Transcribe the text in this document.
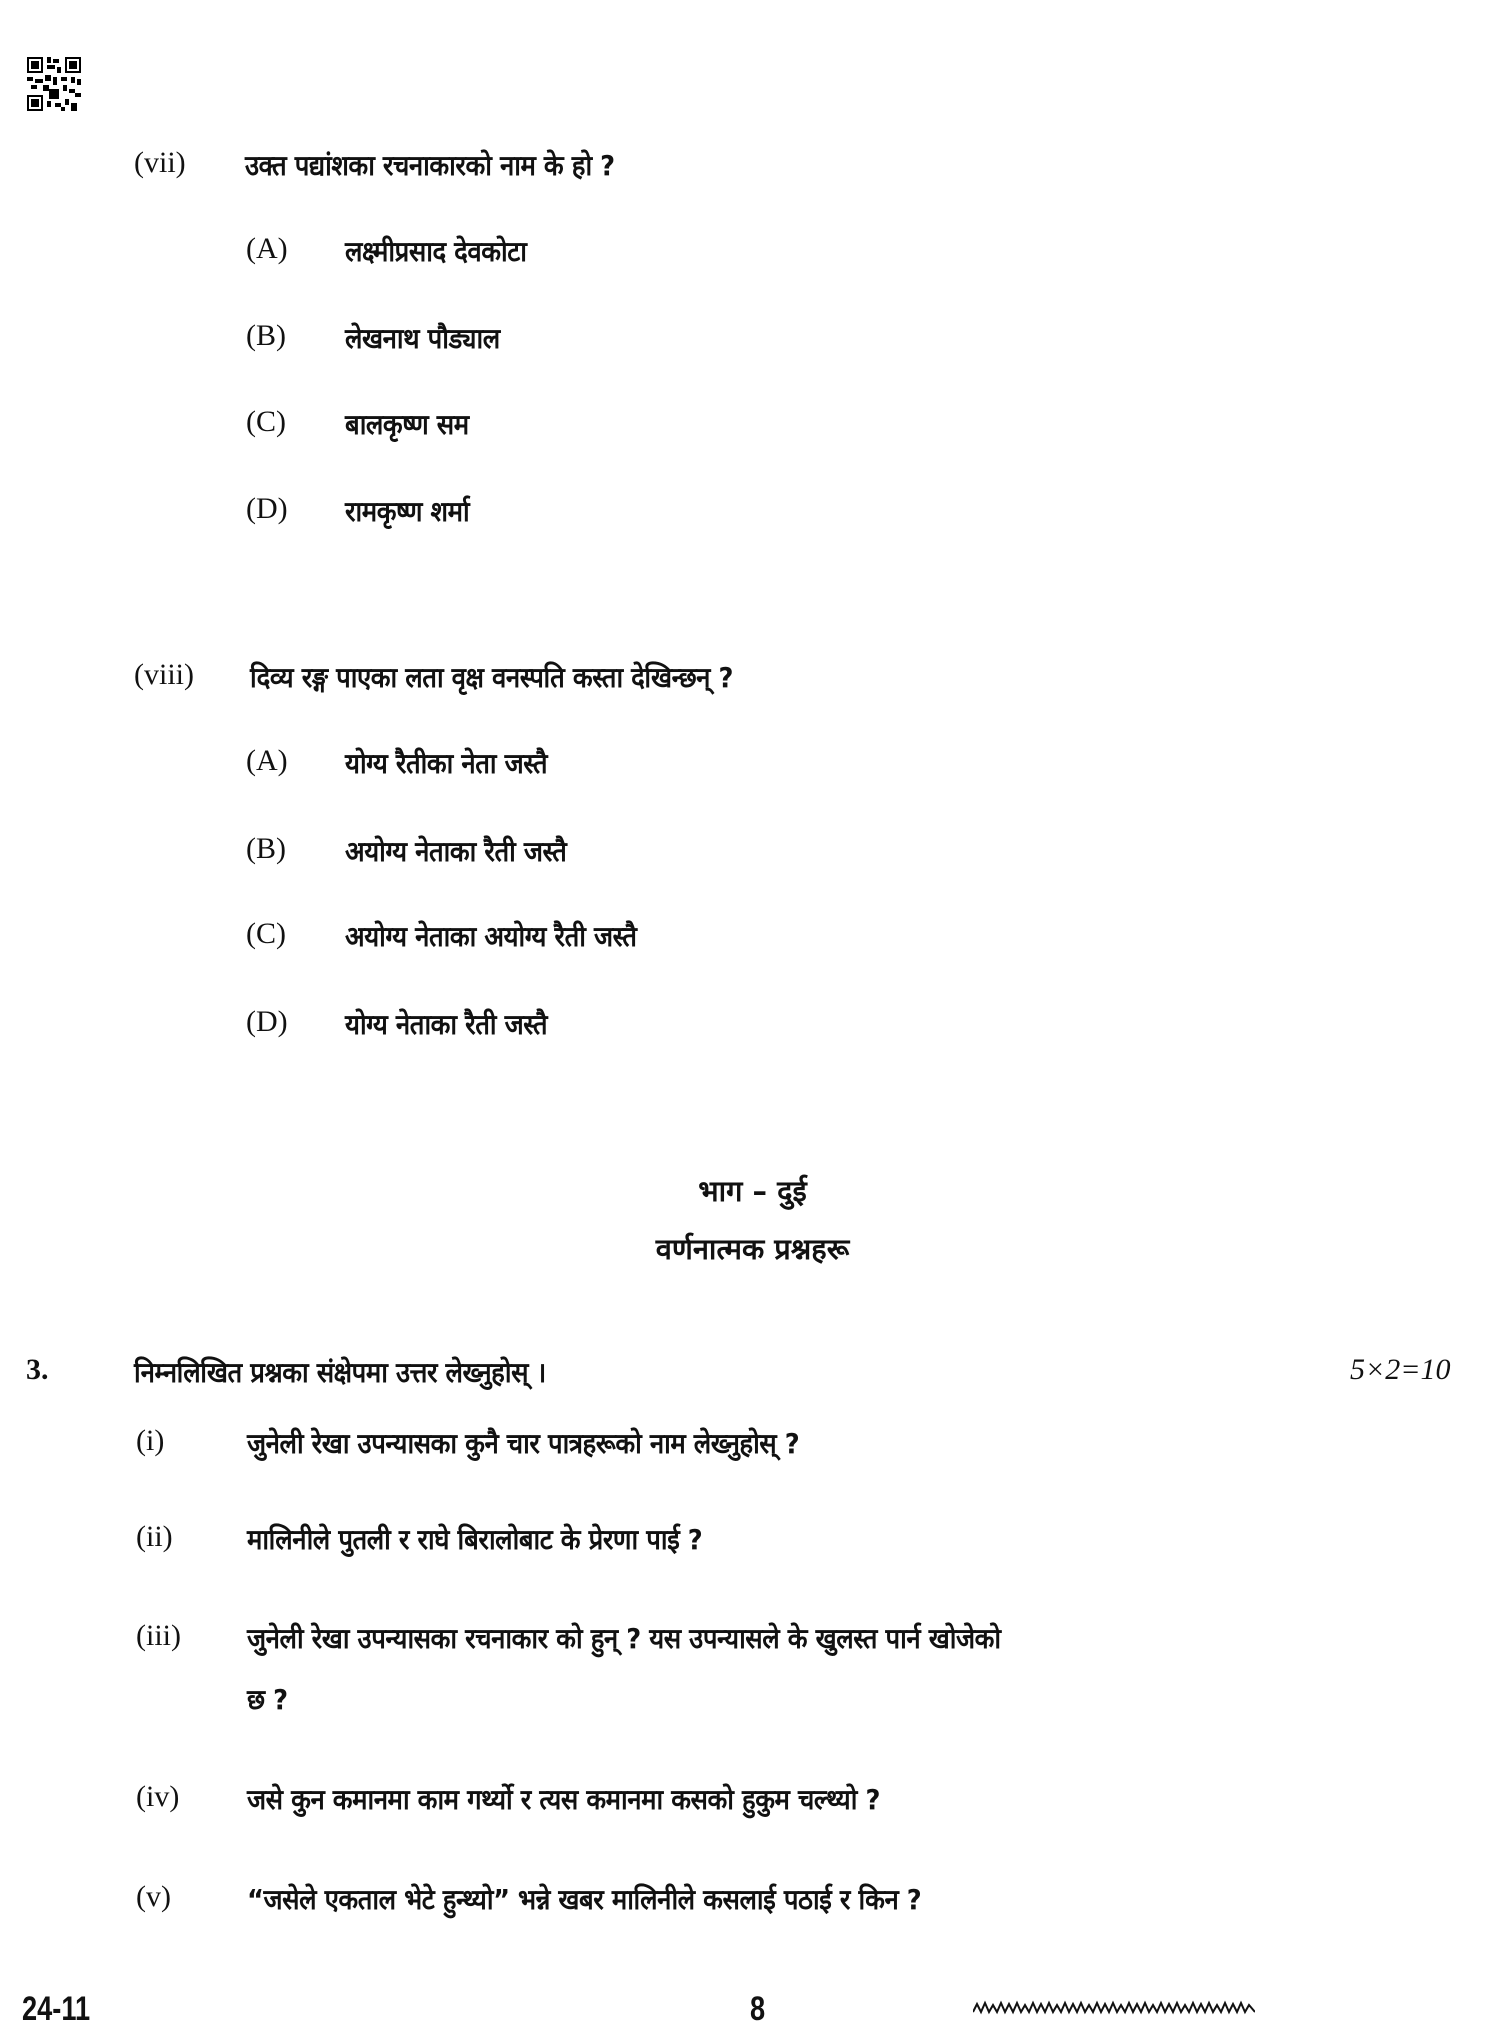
(vii) उक्त पद्यांशका रचनाकारको नाम के हो ?
(A) लक्ष्मीप्रसाद देवकोटा
(B) लेखनाथ पौड्याल
(C) बालकृष्ण सम
(D) रामकृष्ण शर्मा
(viii) दिव्य रङ्ग पाएका लता वृक्ष वनस्पति कस्ता देखिन्छन् ?
(A) योग्य रैतीका नेता जस्तै
(B) अयोग्य नेताका रैती जस्तै
(C) अयोग्य नेताका अयोग्य रैती जस्तै
(D) योग्य नेताका रैती जस्तै
भाग – दुई
वर्णनात्मक प्रश्नहरू
3.	निम्नलिखित प्रश्नका संक्षेपमा उत्तर लेख्नुहोस् ।	5×2=10
(i)	जुनेली रेखा उपन्यासका कुनै चार पात्रहरूको नाम लेख्नुहोस् ?
(ii)	मालिनीले पुतली र राघे बिरालोबाट के प्रेरणा पाई ?
(iii) जुनेली रेखा उपन्यासका रचनाकार को हुन् ? यस उपन्यासले के खुलस्त पार्न खोजेको
छ ?
(iv) जसे कुन कमानमा काम गर्थ्यो र त्यस कमानमा कसको हुकुम चल्थ्यो ?
(v)	“जसेले एकताल भेटे हुन्थ्यो” भन्ने खबर मालिनीले कसलाई पठाई र किन ?
24-11	8
